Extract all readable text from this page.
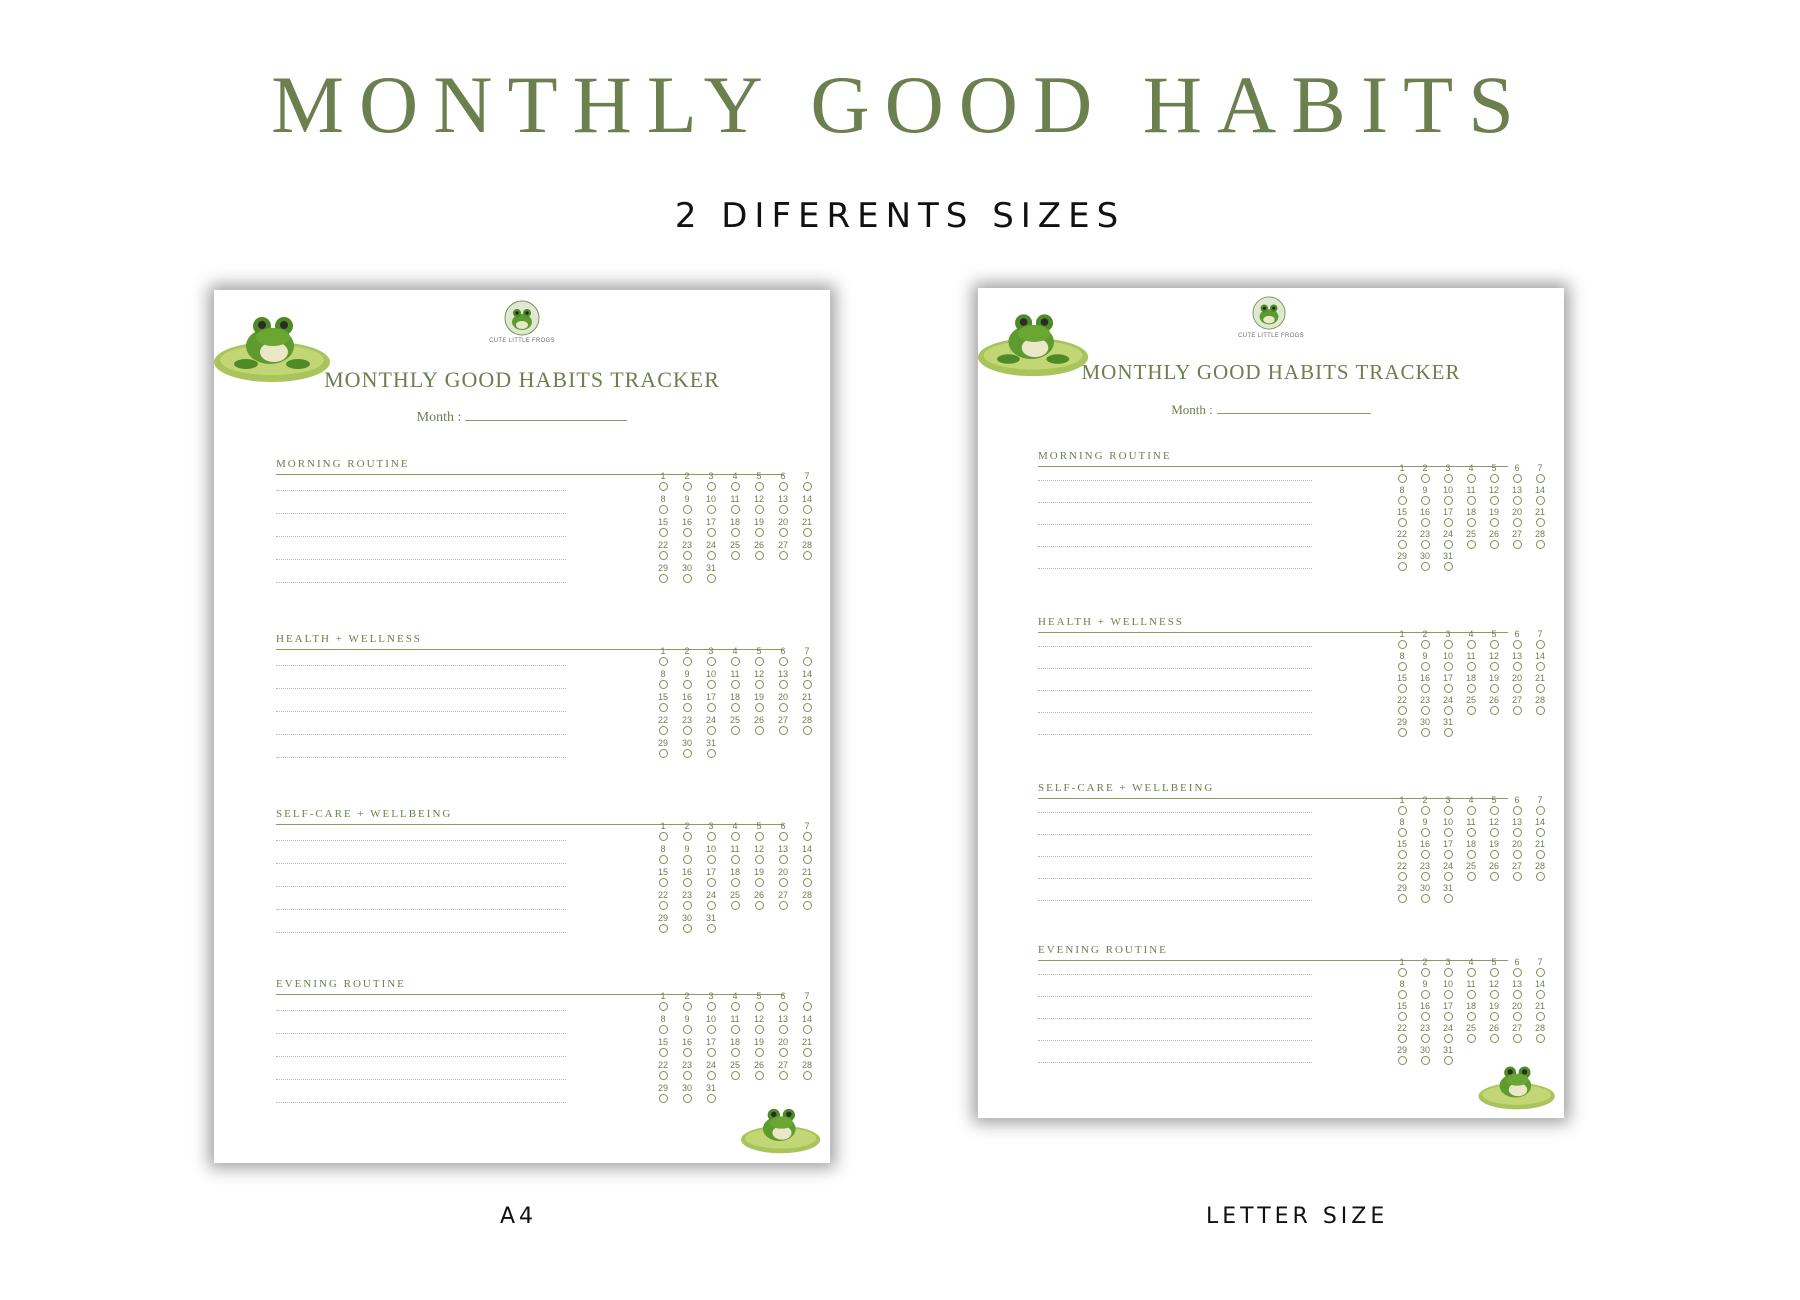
MONTHLY GOOD HABITS
2 DIFERENTS SIZES
CUTE LITTLE FROGS
MONTHLY GOOD HABITS TRACKER
Month :
MORNING ROUTINE
1	2	3	4	5	6	7
8	9	10	11	12	13	14
15	16	17	18	19	20	21
22	23	24	25	26	27	28
29	30	31
HEALTH + WELLNESS
1	2	3	4	5	6	7
8	9	10	11	12	13	14
15	16	17	18	19	20	21
22	23	24	25	26	27	28
29	30	31
SELF-CARE + WELLBEING
1	2	3	4	5	6	7
8	9	10	11	12	13	14
15	16	17	18	19	20	21
22	23	24	25	26	27	28
29	30	31
EVENING ROUTINE
1	2	3	4	5	6	7
8	9	10	11	12	13	14
15	16	17	18	19	20	21
22	23	24	25	26	27	28
29	30	31
A4
CUTE LITTLE FROGS
MONTHLY GOOD HABITS TRACKER
Month :
MORNING ROUTINE
1	2	3	4	5	6	7
8	9	10	11	12	13	14
15	16	17	18	19	20	21
22	23	24	25	26	27	28
29	30	31
HEALTH + WELLNESS
1	2	3	4	5	6	7
8	9	10	11	12	13	14
15	16	17	18	19	20	21
22	23	24	25	26	27	28
29	30	31
SELF-CARE + WELLBEING
1	2	3	4	5	6	7
8	9	10	11	12	13	14
15	16	17	18	19	20	21
22	23	24	25	26	27	28
29	30	31
EVENING ROUTINE
1	2	3	4	5	6	7
8	9	10	11	12	13	14
15	16	17	18	19	20	21
22	23	24	25	26	27	28
29	30	31
LETTER SIZE
